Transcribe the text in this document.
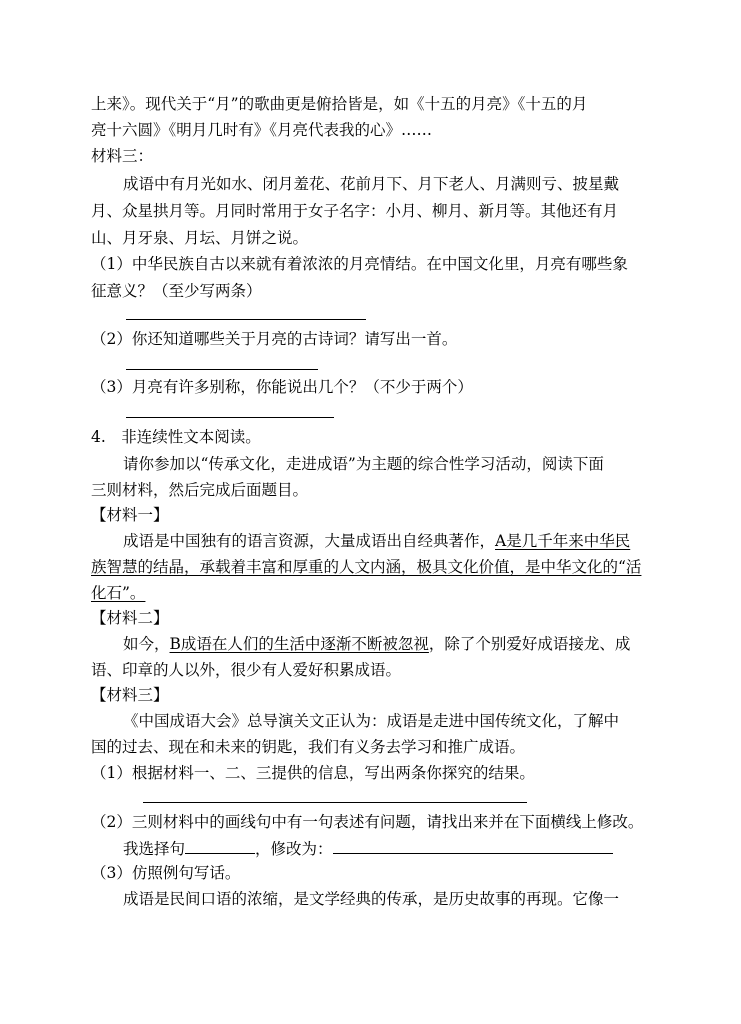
上来》。现代关于“月”的歌曲更是俯拾皆是，如《十五的月亮》《十五的月
亮十六圆》《明月几时有》《月亮代表我的心》……
材料三：
成语中有月光如水、闭月羞花、花前月下、月下老人、月满则亏、披星戴
月、众星拱月等。月同时常用于女子名字：小月、柳月、新月等。其他还有月
山、月牙泉、月坛、月饼之说。
（1）中华民族自古以来就有着浓浓的月亮情结。在中国文化里，月亮有哪些象
征意义？（至少写两条）
（2）你还知道哪些关于月亮的古诗词？请写出一首。
（3）月亮有许多别称，你能说出几个？（不少于两个）
4.　非连续性文本阅读。
请你参加以“传承文化，走进成语”为主题的综合性学习活动，阅读下面
三则材料，然后完成后面题目。
【材料一】
成语是中国独有的语言资源，大量成语出自经典著作，A是几千年来中华民
族智慧的结晶，承载着丰富和厚重的人文内涵，极具文化价值，是中华文化的“活
化石”。
【材料二】
如今，B成语在人们的生活中逐渐不断被忽视，除了个别爱好成语接龙、成
语、印章的人以外，很少有人爱好积累成语。
【材料三】
《中国成语大会》总导演关文正认为：成语是走进中国传统文化，了解中
国的过去、现在和未来的钥匙，我们有义务去学习和推广成语。
（1）根据材料一、二、三提供的信息，写出两条你探究的结果。
（2）三则材料中的画线句中有一句表述有问题，请找出来并在下面横线上修改。
我选择句	，修改为：
（3）仿照例句写话。
成语是民间口语的浓缩，是文学经典的传承，是历史故事的再现。它像一
